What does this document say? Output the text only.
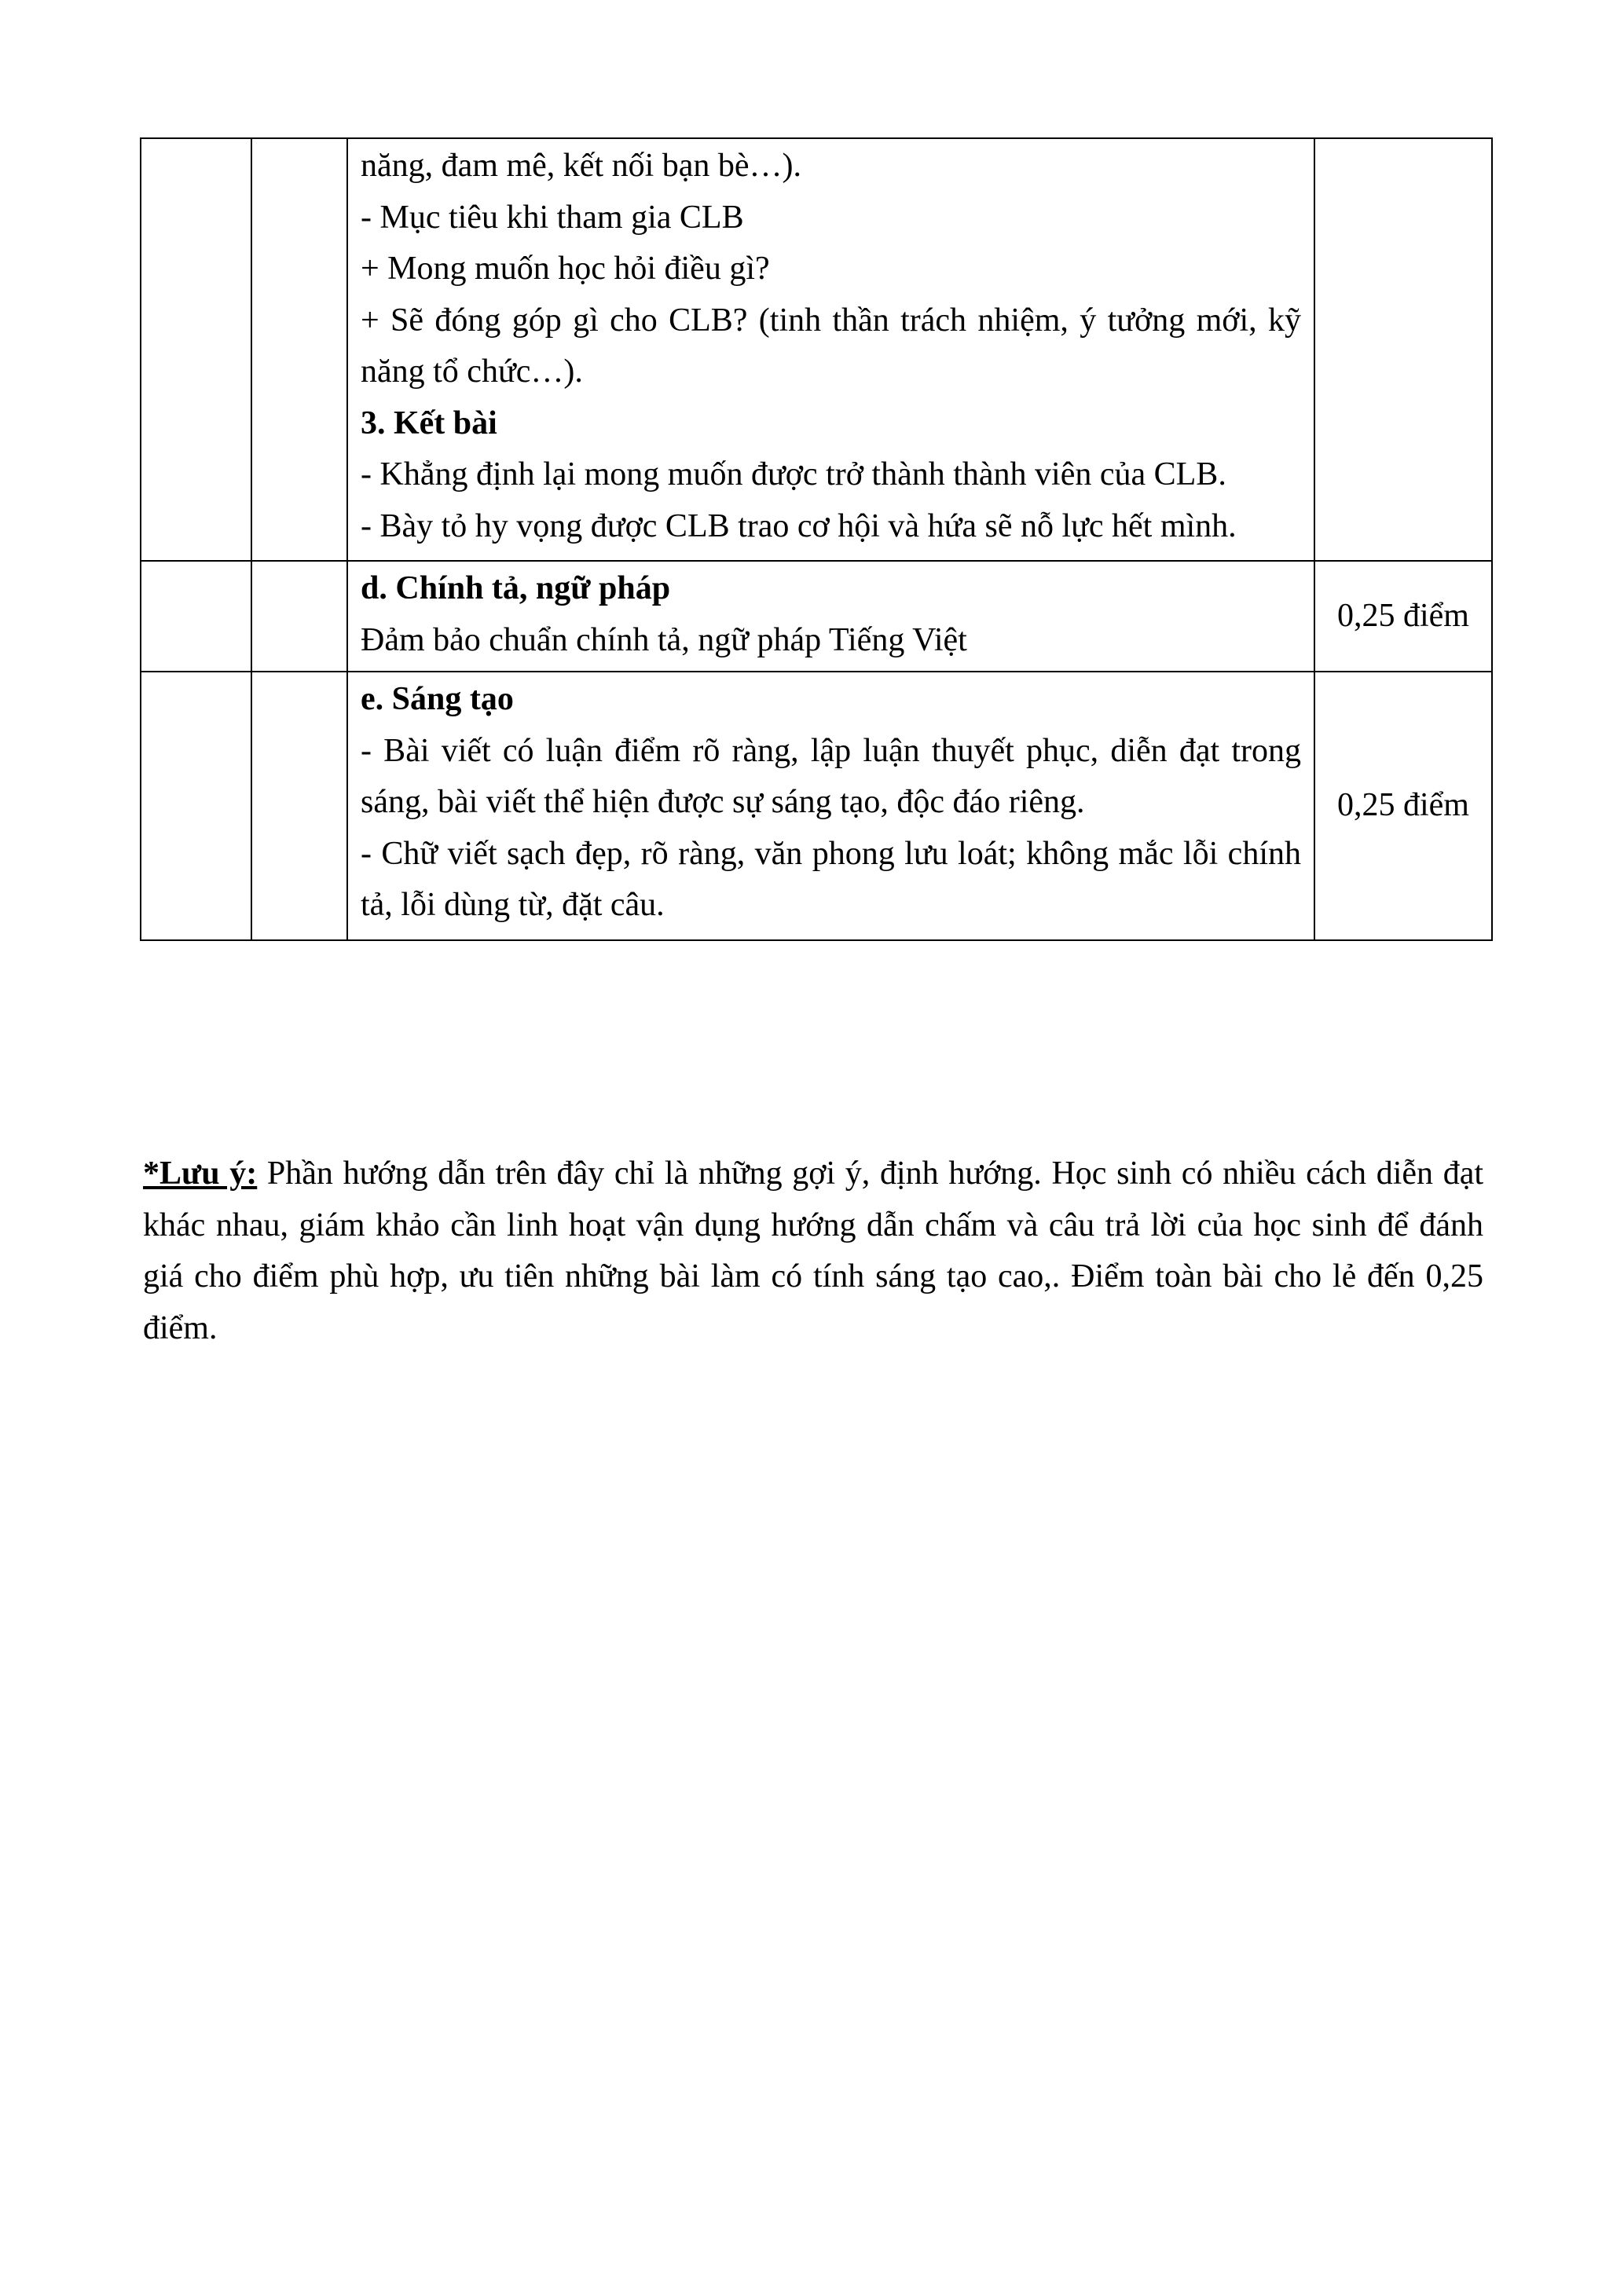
năng, đam mê, kết nối bạn bè…).
- Mục tiêu khi tham gia CLB
+ Mong muốn học hỏi điều gì?
+ Sẽ đóng góp gì cho CLB? (tinh thần trách nhiệm, ý tưởng mới, kỹ năng tổ chức…).
3. Kết bài
- Khẳng định lại mong muốn được trở thành thành viên của CLB.
- Bày tỏ hy vọng được CLB trao cơ hội và hứa sẽ nỗ lực hết mình.

		d. Chính tả, ngữ pháp
Đảm bảo chuẩn chính tả, ngữ pháp Tiếng Việt	0,25 điểm

		e. Sáng tạo
- Bài viết có luận điểm rõ ràng, lập luận thuyết phục, diễn đạt trong sáng, bài viết thể hiện được sự sáng tạo, độc đáo riêng.
- Chữ viết sạch đẹp, rõ ràng, văn phong lưu loát; không mắc lỗi chính tả, lỗi dùng từ, đặt câu.	0,25 điểm
*Lưu ý: Phần hướng dẫn trên đây chỉ là những gợi ý, định hướng. Học sinh có nhiều cách diễn đạt khác nhau, giám khảo cần linh hoạt vận dụng hướng dẫn chấm và câu trả lời của học sinh để đánh giá cho điểm phù hợp, ưu tiên những bài làm có tính sáng tạo cao,. Điểm toàn bài cho lẻ đến 0,25 điểm.
